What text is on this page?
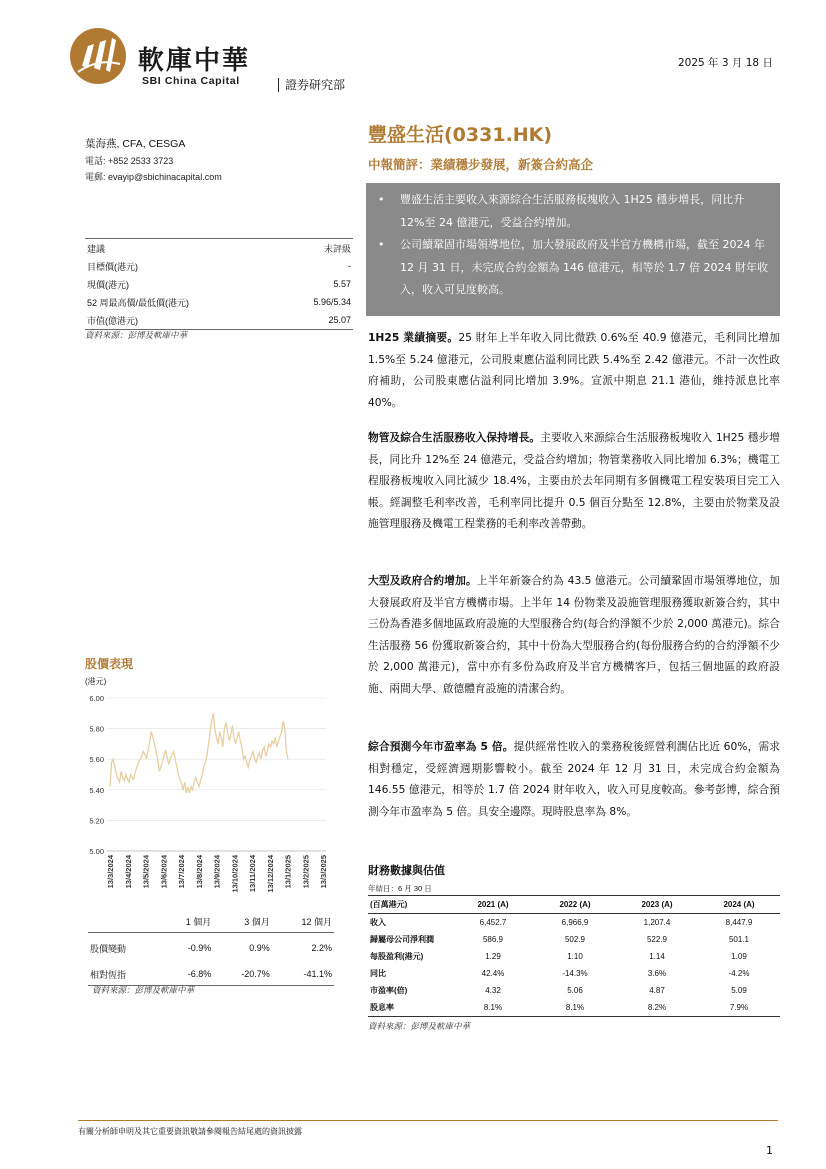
軟庫中華
SBI China Capital	證券研究部
2025 年 3 月 18 日
葉海燕, CFA, CESGA
電話: +852 2533 3723
電郵: evayip@sbichinacapital.com
建議	未評級
目標價(港元)	-
現價(港元)	5.57
52 周最高價/最低價(港元)	5.96/5.34
市值(億港元)	25.07
資料來源：彭博及軟庫中華
股價表現
(港元)
5.00
5.20
5.40
5.60
5.80
6.00
13/3/2024 13/4/2024 13/5/2024 13/6/2024 13/7/2024 13/8/2024 13/9/2024 13/10/2024 13/11/2024 13/12/2024 13/1/2025 13/2/2025 13/3/2025
	1 個月	3 個月	12 個月
股價變動	-0.9%	0.9%	2.2%
相對恆指	-6.8%	-20.7%	-41.1%
資料來源：彭博及軟庫中華
豐盛生活(0331.HK)
中報簡評：業績穩步發展，新簽合約高企
• 豐盛生活主要收入來源綜合生活服務板塊收入 1H25 穩步增長，同比升 12%至 24 億港元，受益合約增加。
• 公司續鞏固市場領導地位，加大發展政府及半官方機構市場，截至 2024 年 12 月 31 日，未完成合約金額為 146 億港元，相等於 1.7 倍 2024 財年收入，收入可見度較高。
1H25 業績摘要。25 財年上半年收入同比微跌 0.6%至 40.9 億港元，毛利同比增加 1.5%至 5.24 億港元，公司股東應佔溢利同比跌 5.4%至 2.42 億港元。不計一次性政府補助，公司股東應佔溢利同比增加 3.9%。宣派中期息 21.1 港仙，維持派息比率 40%。
物管及綜合生活服務收入保持增長。主要收入來源綜合生活服務板塊收入 1H25 穩步增長，同比升 12%至 24 億港元，受益合約增加；物管業務收入同比增加 6.3%；機電工程服務板塊收入同比減少 18.4%，主要由於去年同期有多個機電工程安裝項目完工入帳。經調整毛利率改善，毛利率同比提升 0.5 個百分點至 12.8%，主要由於物業及設施管理服務及機電工程業務的毛利率改善帶動。
大型及政府合約增加。上半年新簽合約為 43.5 億港元。公司續鞏固市場領導地位，加大發展政府及半官方機構市場。上半年 14 份物業及設施管理服務獲取新簽合約，其中三份為香港多個地區政府設施的大型服務合約(每合約淨額不少於 2,000 萬港元)。綜合生活服務 56 份獲取新簽合約，其中十份為大型服務合約(每份服務合約的合約淨額不少於 2,000 萬港元)，當中亦有多份為政府及半官方機構客戶，包括三個地區的政府設施、兩間大學、啟德體育設施的清潔合約。
綜合預測今年市盈率為 5 倍。提供經常性收入的業務稅後經營利潤佔比近 60%，需求相對穩定，受經濟週期影響較小。截至 2024 年 12 月 31 日，未完成合約金額為 146.55 億港元，相等於 1.7 倍 2024 財年收入，收入可見度較高。參考彭博，綜合預測今年市盈率為 5 倍。具安全邊際。現時股息率為 8%。
財務數據與估值
年結日：6 月 30 日
(百萬港元)	2021 (A)	2022 (A)	2023 (A)	2024 (A)
收入	6,452.7	6,966.9	1,207.4	8,447.9
歸屬母公司淨利潤	586.9	502.9	522.9	501.1
每股盈利(港元)	1.29	1.10	1.14	1.09
同比	42.4%	-14.3%	3.6%	-4.2%
市盈率(倍)	4.32	5.06	4.87	5.09
股息率	8.1%	8.1%	8.2%	7.9%
資料來源：彭博及軟庫中華
有關分析師申明及其它重要資訊敬請參閱報告結尾處的資訊披露
1
